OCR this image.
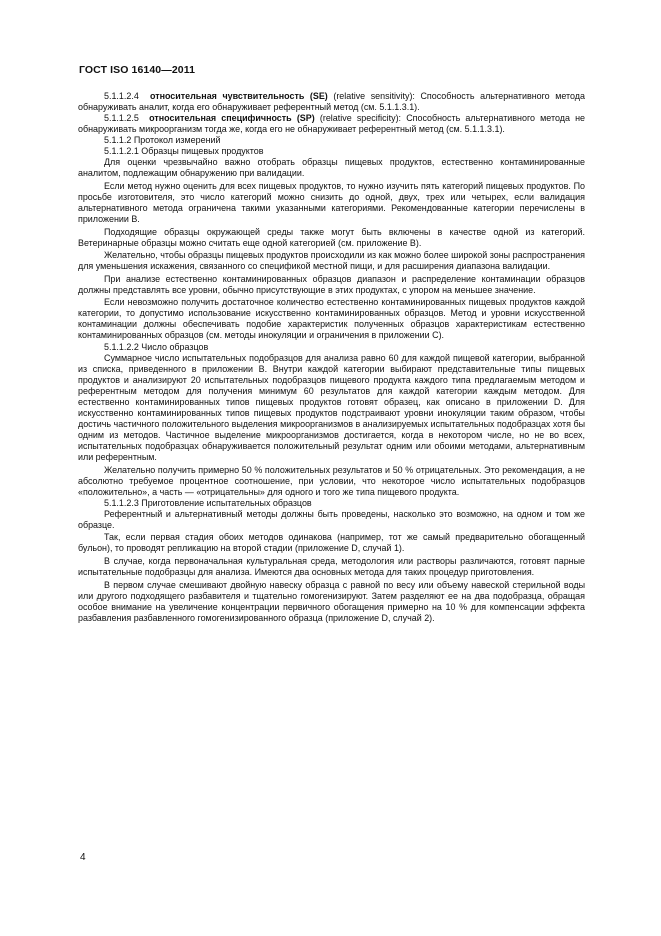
ГОСТ ISO 16140—2011

5.1.1.2.4 относительная чувствительность (SE) (relative sensitivity): Способность альтернативного метода обнаруживать аналит, когда его обнаруживает референтный метод (см. 5.1.1.3.1).

5.1.1.2.5 относительная специфичность (SP) (relative specificity): Способность альтернативного метода не обнаруживать микроорганизм тогда же, когда его не обнаруживает референтный метод (см. 5.1.1.3.1).

5.1.1.2 Протокол измерений

5.1.1.2.1 Образцы пищевых продуктов

Для оценки чрезвычайно важно отобрать образцы пищевых продуктов, естественно контаминированные аналитом, подлежащим обнаружению при валидации.

Если метод нужно оценить для всех пищевых продуктов, то нужно изучить пять категорий пищевых продуктов. По просьбе изготовителя, это число категорий можно снизить до одной, двух, трех или четырех, если валидация альтернативного метода ограничена такими указанными категориями. Рекомендованные категории перечислены в приложении В.

Подходящие образцы окружающей среды также могут быть включены в качестве одной из категорий. Ветеринарные образцы можно считать еще одной категорией (см. приложение В).

Желательно, чтобы образцы пищевых продуктов происходили из как можно более широкой зоны распространения для уменьшения искажения, связанного со спецификой местной пищи, и для расширения диапазона валидации.

При анализе естественно контаминированных образцов диапазон и распределение контаминации образцов должны представлять все уровни, обычно присутствующие в этих продуктах, с упором на меньшее значение.

Если невозможно получить достаточное количество естественно контаминированных пищевых продуктов каждой категории, то допустимо использование искусственно контаминированных образцов. Метод и уровни искусственной контаминации должны обеспечивать подобие характеристик полученных образцов характеристикам естественно контаминированных образцов (см. методы инокуляции и ограничения в приложении С).

5.1.1.2.2 Число образцов

Суммарное число испытательных подобразцов для анализа равно 60 для каждой пищевой категории, выбранной из списка, приведенного в приложении В. Внутри каждой категории выбирают представительные типы пищевых продуктов и анализируют 20 испытательных подобразцов пищевого продукта каждого типа предлагаемым методом и референтным методом для получения минимум 60 результатов для каждой категории каждым методом. Для естественно контаминированных типов пищевых продуктов готовят образец, как описано в приложении D. Для искусственно контаминированных типов пищевых продуктов подстраивают уровни инокуляции таким образом, чтобы достичь частичного положительного выделения микроорганизмов в анализируемых испытательных подобразцах хотя бы одним из методов. Частичное выделение микроорганизмов достигается, когда в некотором числе, но не во всех, испытательных подобразцах обнаруживается положительный результат одним или обоими методами, альтернативным или референтным.

Желательно получить примерно 50 % положительных результатов и 50 % отрицательных. Это рекомендация, а не абсолютно требуемое процентное соотношение, при условии, что некоторое число испытательных подобразцов «положительно», а часть — «отрицательны» для одного и того же типа пищевого продукта.

5.1.1.2.3 Приготовление испытательных образцов

Референтный и альтернативный методы должны быть проведены, насколько это возможно, на одном и том же образце.

Так, если первая стадия обоих методов одинакова (например, тот же самый предварительно обогащенный бульон), то проводят репликацию на второй стадии (приложение D, случай 1).

В случае, когда первоначальная культуральная среда, методология или растворы различаются, готовят парные испытательные подобразцы для анализа. Имеются два основных метода для таких процедур приготовления.

В первом случае смешивают двойную навеску образца с равной по весу или объему навеской стерильной воды или другого подходящего разбавителя и тщательно гомогенизируют. Затем разделяют ее на два подобразца, обращая особое внимание на увеличение концентрации первичного обогащения примерно на 10 % для компенсации эффекта разбавления разбавленного гомогенизированного образца (приложение D, случай 2).

4
